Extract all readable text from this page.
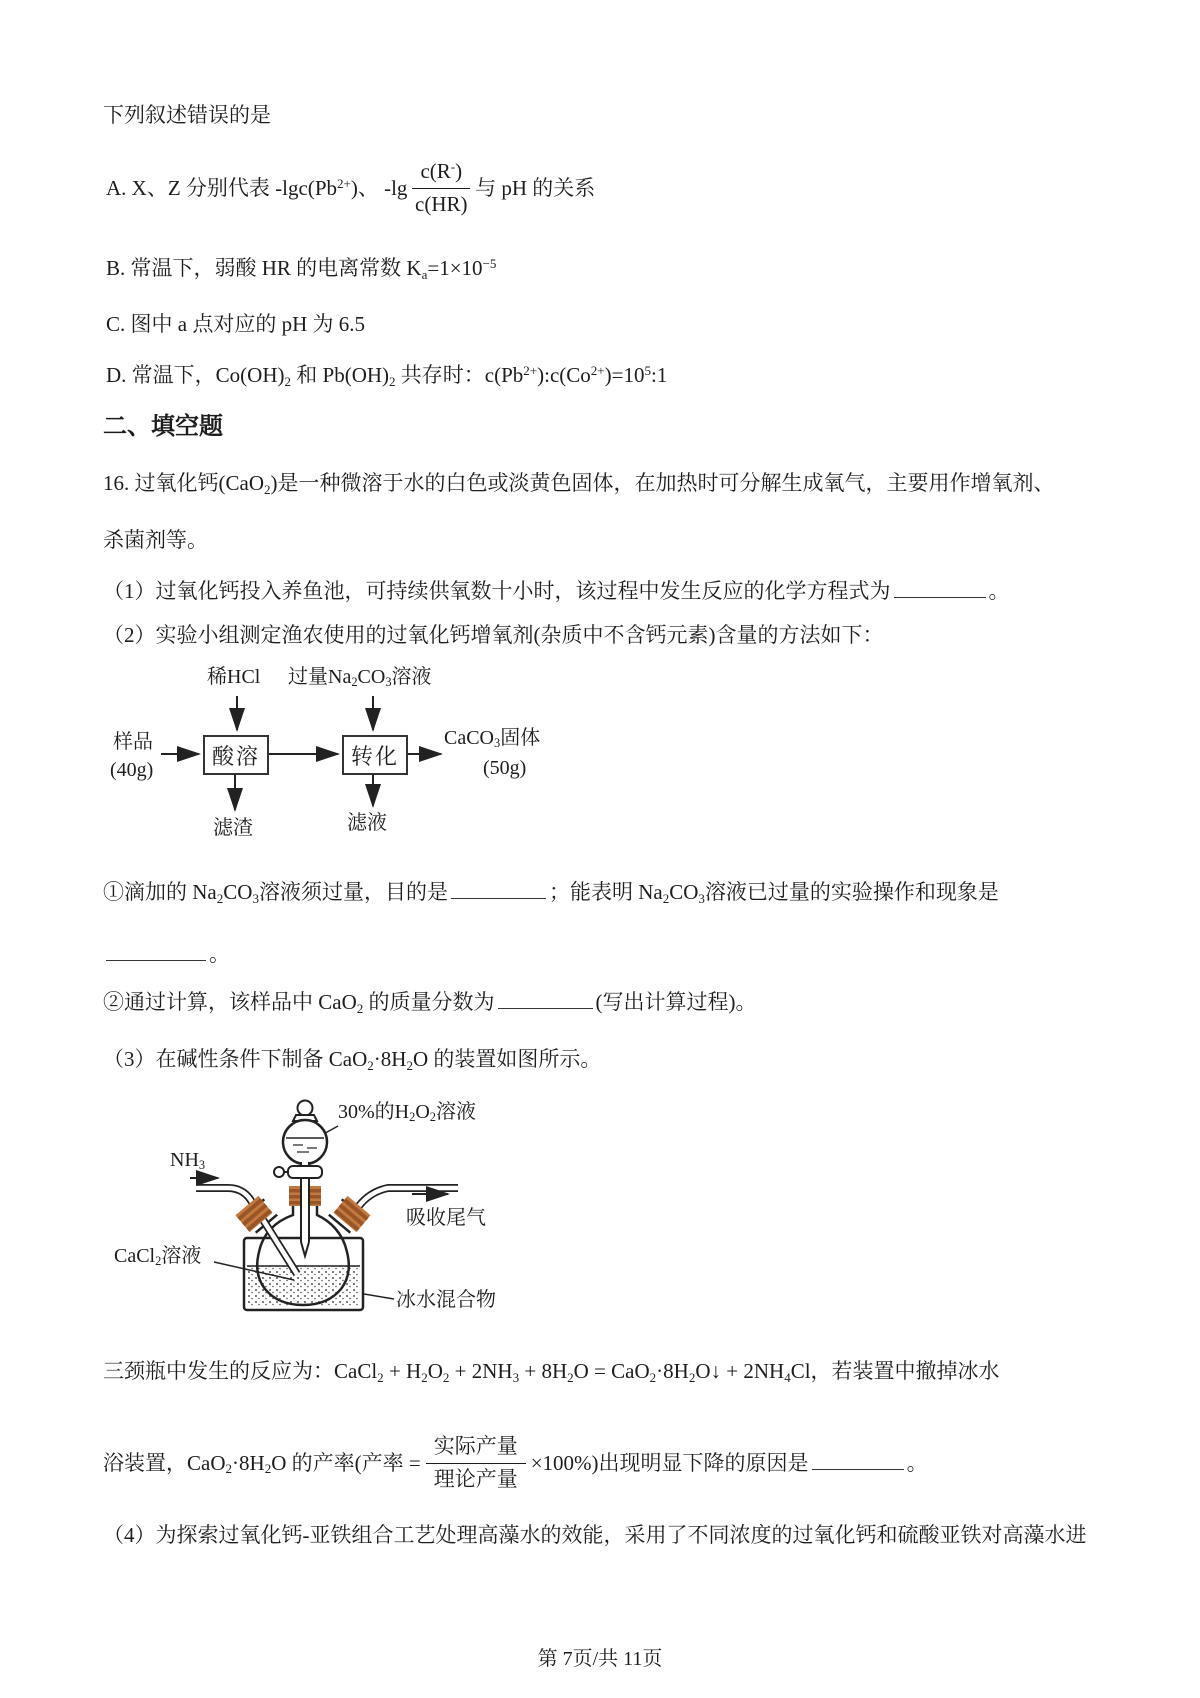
下列叙述错误的是
A. X、Z 分别代表 $-\lg c(Pb^{2+})$、 $-\lg \frac{c(R^-)}{c(HR)}$ 与 pH 的关系
B. 常温下，弱酸 HR 的电离常数 $Ka=1\times 10^{-5}$
C. 图中 a 点对应的 pH 为 6.5
D. 常温下，Co(OH)2 和 Pb(OH)2 共存时：$c(Pb^{2+}):c(Co^{2+})=10^5:1$
二、填空题
16. 过氧化钙(CaO2)是一种微溶于水的白色或淡黄色固体，在加热时可分解生成氧气，主要用作增氧剂、
杀菌剂等。
（1）过氧化钙投入养鱼池，可持续供氧数十小时，该过程中发生反应的化学方程式为	。
（2）实验小组测定渔农使用的过氧化钙增氧剂(杂质中不含钙元素)含量的方法如下：
稀HCl 过量Na2CO3溶液
样品
(40g)
酸溶	转化
CaCO3固体
(50g)
滤渣	滤液
①滴加的 Na2CO3溶液须过量，目的是	；能表明 Na2CO3溶液已过量的实验操作和现象是
。
②通过计算，该样品中 CaO2 的质量分数为	(写出计算过程)。
（3）在碱性条件下制备 CaO2·8H2O 的装置如图所示。
30%的H2O2溶液
NH3
吸收尾气
CaCl2溶液
冰水混合物
三颈瓶中发生的反应为：CaCl2 + H2O2 + 2NH3 + 8H2O = CaO2·8H2O↓ + 2NH4Cl，若装置中撤掉冰水
浴装置，CaO2·8H2O 的产率(产率 = $\frac{\text{实际产量}}{\text{理论产量}} \times 100\%$)出现明显下降的原因是	。
（4）为探索过氧化钙-亚铁组合工艺处理高藻水的效能，采用了不同浓度的过氧化钙和硫酸亚铁对高藻水进
第 7页/共 11页
